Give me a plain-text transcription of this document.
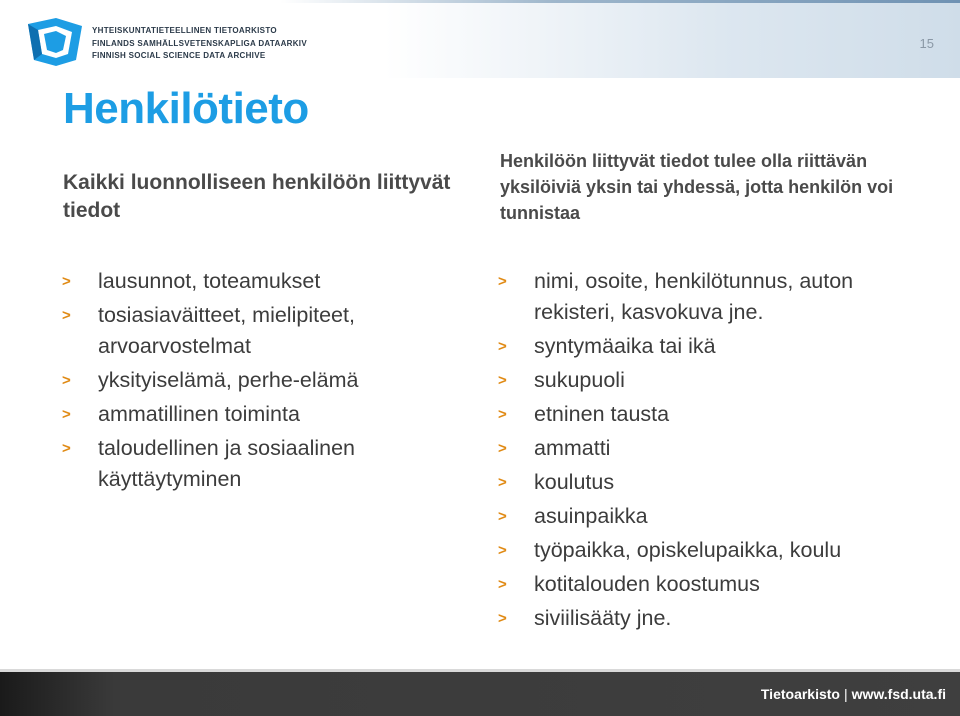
YHTEISKUNTATIETEELLINEN TIETOARKISTO
FINLANDS SAMHÄLLSVETENSKAPLIGA DATAARKIV
FINNISH SOCIAL SCIENCE DATA ARCHIVE
15
Henkilötieto
Kaikki luonnolliseen henkilöön liittyvät tiedot
Henkilöön liittyvät tiedot tulee olla riittävän yksilöiviä yksin tai yhdessä, jotta henkilön voi tunnistaa
> lausunnot, toteamukset
> tosiasiaväitteet, mielipiteet, arvoarvostelmat
> yksityiselämä, perhe-elämä
> ammatillinen toiminta
> taloudellinen ja sosiaalinen käyttäytyminen
> nimi, osoite, henkilötunnus, auton rekisteri, kasvokuva jne.
> syntymäaika tai ikä
> sukupuoli
> etninen tausta
> ammatti
> koulutus
> asuinpaikka
> työpaikka, opiskelupaikka, koulu
> kotitalouden koostumus
> siviilisääty jne.
Tietoarkisto | www.fsd.uta.fi
